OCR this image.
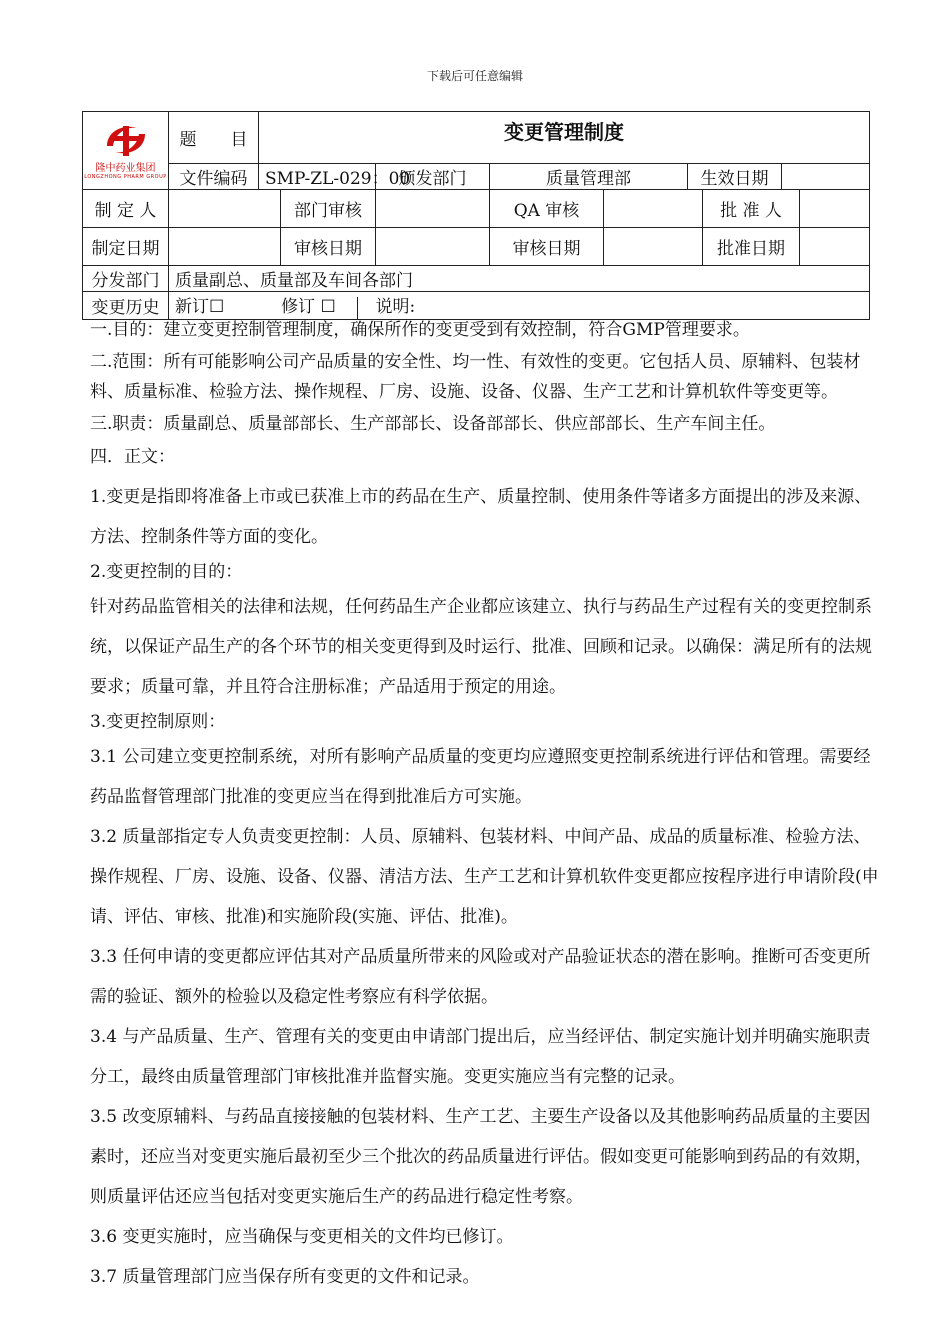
下载后可任意编辑
隆中药业集团
LONGZHONG PHARM GROUP	题　　目	变更管理制度								
	文件编码	SMP-ZL-029：00		颁发部门	质量管理部		生效日期			
制 定 人			部门审核		QA 审核			批 准 人		
制定日期			审核日期		审核日期			批准日期		
分发部门	质量副总、质量部及车间各部门									
变更历史	新订☐ 修订 ☐ 说明:									

一.目的：建立变更控制管理制度，确保所作的变更受到有效控制，符合GMP管理要求。

二.范围：所有可能影响公司产品质量的安全性、均一性、有效性的变更。它包括人员、原辅料、包装材料、质量标准、检验方法、操作规程、厂房、设施、设备、仪器、生产工艺和计算机软件等变更等。

三.职责：质量副总、质量部部长、生产部部长、设备部部长、供应部部长、生产车间主任。

四．正文：

1.变更是指即将准备上市或已获准上市的药品在生产、质量控制、使用条件等诸多方面提出的涉及来源、方法、控制条件等方面的变化。

2.变更控制的目的：

针对药品监管相关的法律和法规，任何药品生产企业都应该建立、执行与药品生产过程有关的变更控制系统，以保证产品生产的各个环节的相关变更得到及时运行、批准、回顾和记录。以确保：满足所有的法规要求；质量可靠，并且符合注册标准；产品适用于预定的用途。

3.变更控制原则：

3.1 公司建立变更控制系统，对所有影响产品质量的变更均应遵照变更控制系统进行评估和管理。需要经药品监督管理部门批准的变更应当在得到批准后方可实施。

3.2 质量部指定专人负责变更控制：人员、原辅料、包装材料、中间产品、成品的质量标准、检验方法、操作规程、厂房、设施、设备、仪器、清洁方法、生产工艺和计算机软件变更都应按程序进行申请阶段(申请、评估、审核、批准)和实施阶段(实施、评估、批准)。

3.3 任何申请的变更都应评估其对产品质量所带来的风险或对产品验证状态的潜在影响。推断可否变更所需的验证、额外的检验以及稳定性考察应有科学依据。

3.4 与产品质量、生产、管理有关的变更由申请部门提出后，应当经评估、制定实施计划并明确实施职责分工，最终由质量管理部门审核批准并监督实施。变更实施应当有完整的记录。

3.5 改变原辅料、与药品直接接触的包装材料、生产工艺、主要生产设备以及其他影响药品质量的主要因素时，还应当对变更实施后最初至少三个批次的药品质量进行评估。假如变更可能影响到药品的有效期，则质量评估还应当包括对变更实施后生产的药品进行稳定性考察。

3.6 变更实施时，应当确保与变更相关的文件均已修订。

3.7 质量管理部门应当保存所有变更的文件和记录。
